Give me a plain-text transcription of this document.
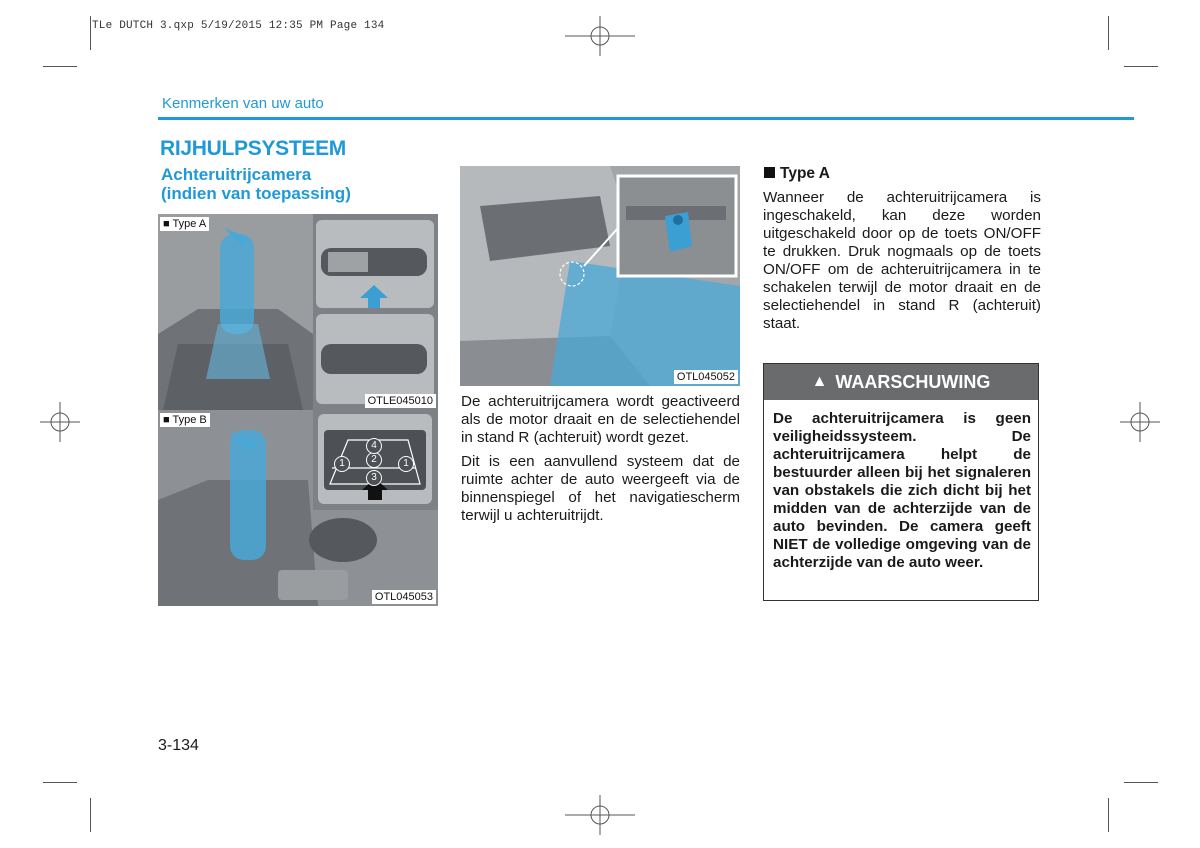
TLe DUTCH 3.qxp 5/19/2015 12:35 PM Page 134
Kenmerken van uw auto
RIJHULPSYSTEEM
Achteruitrijcamera
(indien van toepassing)
■ Type A
OTLE045010
■ Type B
1	2	1
3
4
OTL045053
OTL045052

De achteruitrijcamera wordt geactiveerd als de motor draait en de selectiehendel in stand R (achteruit) wordt gezet.

Dit is een aanvullend systeem dat de ruimte achter de auto weergeeft via de binnenspiegel of het navigatiescherm terwijl u achteruitrijdt.

Type A
Wanneer de achteruitrijcamera is ingeschakeld, kan deze worden uitgeschakeld door op de toets ON/OFF te drukken. Druk nogmaals op de toets ON/OFF om de achteruitrijcamera in te schakelen terwijl de motor draait en de selectiehendel in stand R (achteruit) staat.
▲ WAARSCHUWING
De achteruitrijcamera is geen veiligheidssysteem. De achteruitrijcamera helpt de bestuurder alleen bij het signaleren van obstakels die zich dicht bij het midden van de achterzijde van de auto bevinden. De camera geeft NIET de volledige omgeving van de achterzijde van de auto weer.
3-134
